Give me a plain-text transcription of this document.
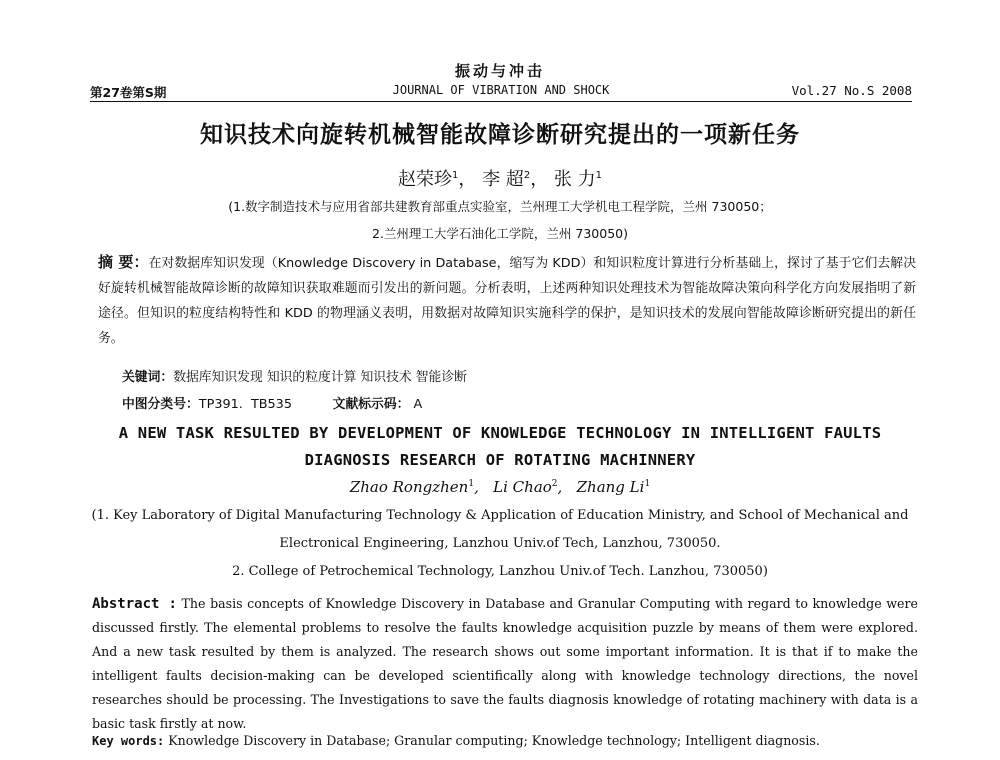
振动与冲击
第27卷第S期	JOURNAL OF VIBRATION AND SHOCK	Vol.27 No.S 2008
知识技术向旋转机械智能故障诊断研究提出的一项新任务
赵荣珍$^1$， 李 超$^2$， 张 力$^1$
(1.数字制造技术与应用省部共建教育部重点实验室，兰州理工大学机电工程学院，兰州 730050；
2.兰州理工大学石油化工学院，兰州 730050)
摘 要：在对数据库知识发现（Knowledge Discovery in Database，缩写为 KDD）和知识粒度计算进行分析基础上，探讨了基于它们去解决好旋转机械智能故障诊断的故障知识获取难题而引发出的新问题。分析表明，上述两种知识处理技术为智能故障决策向科学化方向发展指明了新途径。但知识的粒度结构特性和 KDD 的物理涵义表明，用数据对故障知识实施科学的保护，是知识技术的发展向智能故障诊断研究提出的新任务。
关键词：数据库知识发现 知识的粒度计算 知识技术 智能诊断
中图分类号：TP391.  TB535	文献标示码： A
A NEW TASK RESULTED BY DEVELOPMENT OF KNOWLEDGE TECHNOLOGY IN INTELLIGENT FAULTS
DIAGNOSIS RESEARCH OF ROTATING MACHINNERY
Zhao Rongzhen$^1$, Li Chao$^2$, Zhang Li$^1$
(1. Key Laboratory of Digital Manufacturing Technology & Application of Education Ministry, and School of Mechanical and
Electronical Engineering, Lanzhou Univ.of Tech, Lanzhou, 730050.
2. College of Petrochemical Technology, Lanzhou Univ.of Tech. Lanzhou, 730050)
Abstract : The basis concepts of Knowledge Discovery in Database and Granular Computing with regard to knowledge were discussed firstly. The elemental problems to resolve the faults knowledge acquisition puzzle by means of them were explored. And a new task resulted by them is analyzed. The research shows out some important information. It is that if to make the intelligent faults decision-making can be developed scientifically along with knowledge technology directions, the novel researches should be processing. The Investigations to save the faults diagnosis knowledge of rotating machinery with data is a basic task firstly at now.
Key words: Knowledge Discovery in Database; Granular computing; Knowledge technology; Intelligent diagnosis.
